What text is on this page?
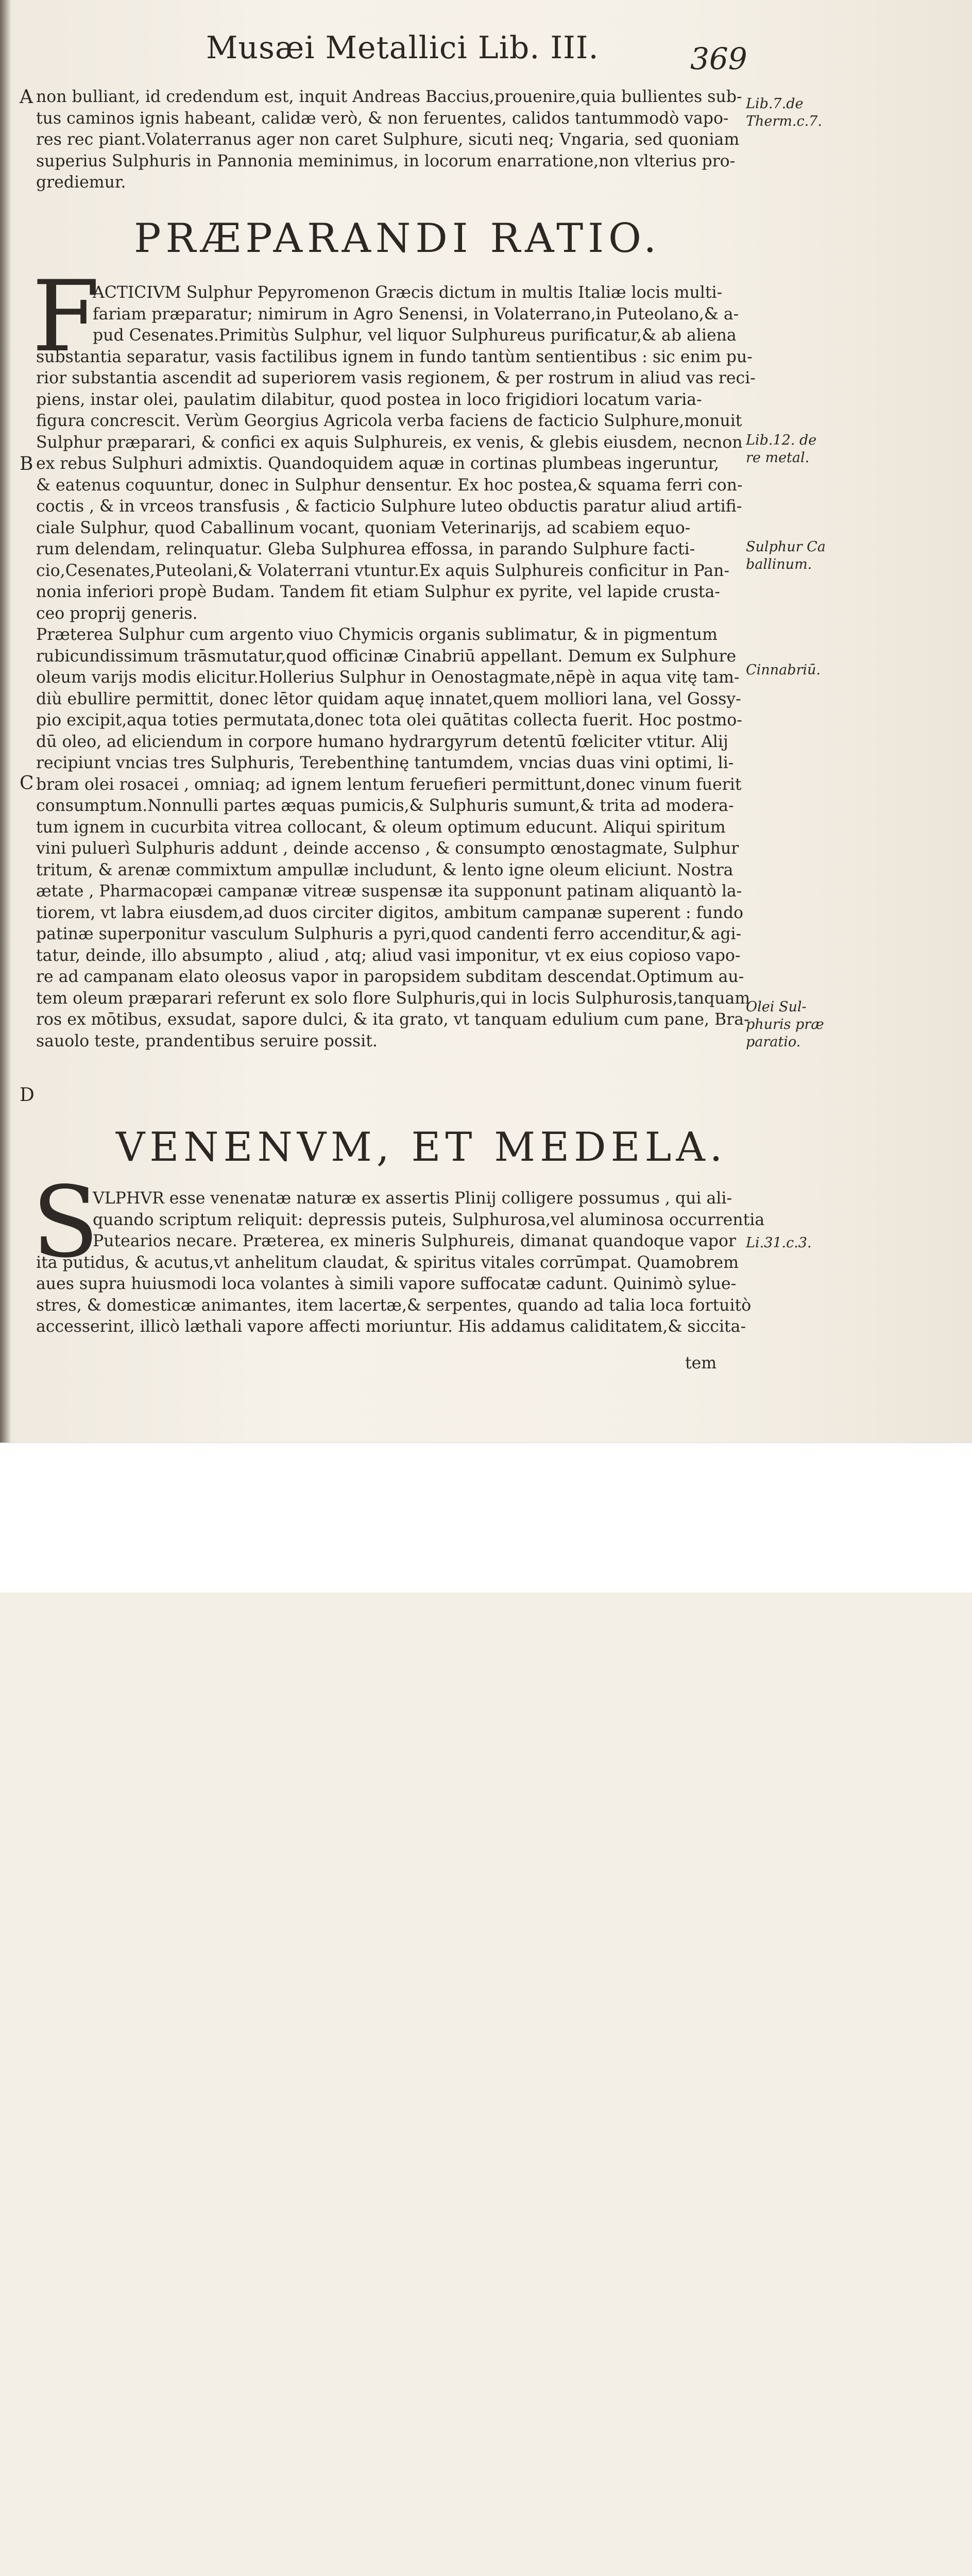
Musæi Metallici Lib. III.	369
non bulliant, id credendum est, inquit Andreas Baccius,prouenire,quia bullientes sub-
tus caminos ignis habeant, calidæ verò, & non feruentes, calidos tantummodò vapo-
res rec piant.Volaterranus ager non caret Sulphure, sicuti neq; Vngaria, sed quoniam
superius Sulphuris in Pannonia meminimus, in locorum enarratione,non vlterius pro-
grediemur.
PRÆPARANDI RATIO.
F
ACTICIVM Sulphur Pepyromenon Græcis dictum in multis Italiæ locis multi-
fariam præparatur; nimirum in Agro Senensi, in Volaterrano,in Puteolano,& a-
pud Cesenates.Primitùs Sulphur, vel liquor Sulphureus purificatur,& ab aliena
substantia separatur, vasis factilibus ignem in fundo tantùm sentientibus : sic enim pu-
rior substantia ascendit ad superiorem vasis regionem, & per rostrum in aliud vas reci-
piens, instar olei, paulatim dilabitur, quod postea in loco frigidiori locatum varia-
figura concrescit. Verùm Georgius Agricola verba faciens de facticio Sulphure,monuit
Sulphur præparari, & confici ex aquis Sulphureis, ex venis, & glebis eiusdem, necnon
ex rebus Sulphuri admixtis. Quandoquidem aquæ in cortinas plumbeas ingeruntur,
& eatenus coquuntur, donec in Sulphur densentur. Ex hoc postea,& squama ferri con-
coctis , & in vrceos transfusis , & facticio Sulphure luteo obductis paratur aliud artifi-
ciale Sulphur, quod Caballinum vocant, quoniam Veterinarijs, ad scabiem equo-
rum delendam, relinquatur. Gleba Sulphurea effossa, in parando Sulphure facti-
cio,Cesenates,Puteolani,& Volaterrani vtuntur.Ex aquis Sulphureis conficitur in Pan-
nonia inferiori propè Budam. Tandem fit etiam Sulphur ex pyrite, vel lapide crusta-
ceo proprij generis.
Præterea Sulphur cum argento viuo Chymicis organis sublimatur, & in pigmentum
rubicundissimum trāsmutatur,quod officinæ Cinabriū appellant. Demum ex Sulphure
oleum varijs modis elicitur.Hollerius Sulphur in Oenostagmate,nēpè in aqua vitę tam-
diù ebullire permittit, donec lētor quidam aquę innatet,quem molliori lana, vel Gossy-
pio excipit,aqua toties permutata,donec tota olei quātitas collecta fuerit. Hoc postmo-
dū oleo, ad eliciendum in corpore humano hydrargyrum detentū fœliciter vtitur. Alij
recipiunt vncias tres Sulphuris, Terebenthinę tantumdem, vncias duas vini optimi, li-
bram olei rosacei , omniaq; ad ignem lentum feruefieri permittunt,donec vinum fuerit
consumptum.Nonnulli partes æquas pumicis,& Sulphuris sumunt,& trita ad modera-
tum ignem in cucurbita vitrea collocant, & oleum optimum educunt. Aliqui spiritum
vini puluerì Sulphuris addunt , deinde accenso , & consumpto œnostagmate, Sulphur
tritum, & arenæ commixtum ampullæ includunt, & lento igne oleum eliciunt. Nostra
ætate , Pharmacopæi campanæ vitreæ suspensæ ita supponunt patinam aliquantò la-
tiorem, vt labra eiusdem,ad duos circiter digitos, ambitum campanæ superent : fundo
patinæ superponitur vasculum Sulphuris a pyri,quod candenti ferro accenditur,& agi-
tatur, deinde, illo absumpto , aliud , atq; aliud vasi imponitur, vt ex eius copioso vapo-
re ad campanam elato oleosus vapor in paropsidem subditam descendat.Optimum au-
tem oleum præparari referunt ex solo flore Sulphuris,qui in locis Sulphurosis,tanquam
ros ex mōtibus, exsudat, sapore dulci, & ita grato, vt tanquam edulium cum pane, Bra-
sauolo teste, prandentibus seruire possit.
VENENVM, ET MEDELA.
S
VLPHVR esse venenatæ naturæ ex assertis Plinij colligere possumus , qui ali-
quando scriptum reliquit: depressis puteis, Sulphurosa,vel aluminosa occurrentia
Putearios necare. Præterea, ex mineris Sulphureis, dimanat quandoque vapor
ita putidus, & acutus,vt anhelitum claudat, & spiritus vitales corrūmpat. Quamobrem
aues supra huiusmodi loca volantes à simili vapore suffocatæ cadunt. Quinimò sylue-
stres, & domesticæ animantes, item lacertæ,& serpentes, quando ad talia loca fortuitò
accesserint, illicò læthali vapore affecti moriuntur. His addamus caliditatem,& siccita-
tem
A
B
C
D
Lib.7.de
Therm.c.7.
Lib.12. de
re metal.
Sulphur Ca
ballinum.
Cinnabriū.
Olei Sul-
phuris præ
paratio.
Li.31.c.3.
